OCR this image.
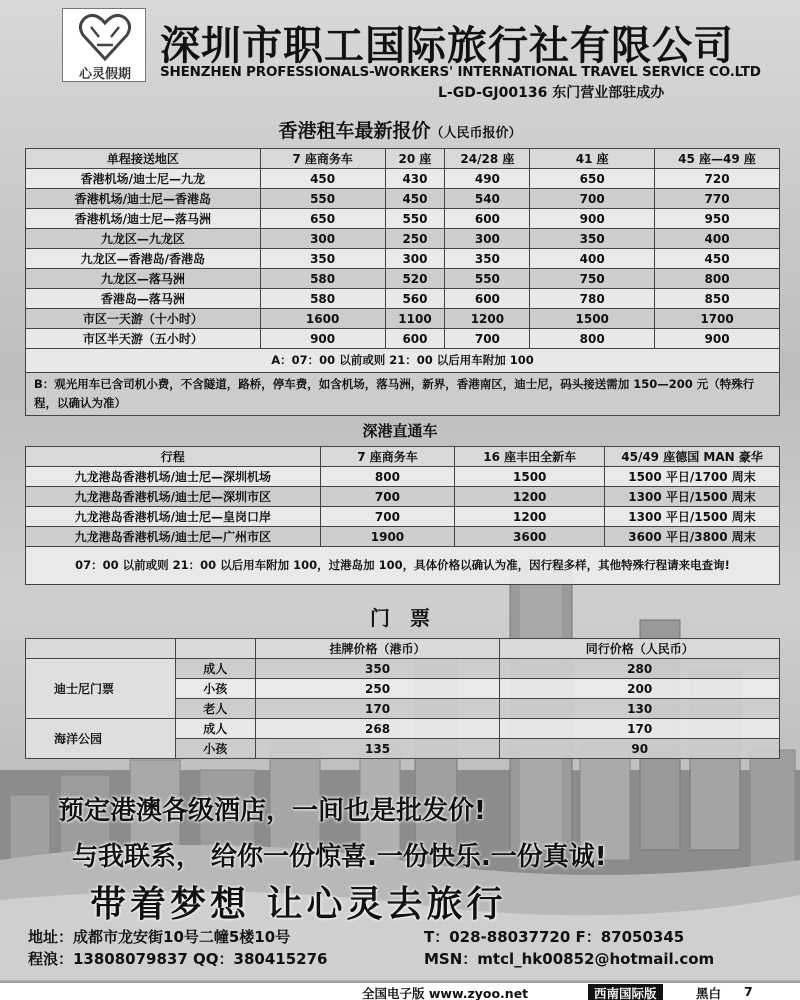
心灵假期
深圳市职工国际旅行社有限公司
SHENZHEN PROFESSIONALS-WORKERS' INTERNATIONAL TRAVEL SERVICE CO.LTD
L-GD-GJ00136 东门营业部驻成办
香港租车最新报价（人民币报价）
单程接送地区	7 座商务车	20 座	24/28 座	41 座	45 座—49 座
香港机场/迪士尼—九龙	450	430	490	650	720
香港机场/迪士尼—香港岛	550	450	540	700	770
香港机场/迪士尼—落马洲	650	550	600	900	950
九龙区—九龙区	300	250	300	350	400
九龙区—香港岛/香港岛	350	300	350	400	450
九龙区—落马洲	580	520	550	750	800
香港岛—落马洲	580	560	600	780	850
市区一天游（十小时）	1600	1100	1200	1500	1700
市区半天游（五小时）	900	600	700	800	900
A：07：00 以前或则 21：00 以后用车附加 100					
B：观光用车已含司机小费，不含隧道，路桥，停车费，如含机场，落马洲，新界，香港南区，迪士尼，码头接送需加 150—200 元（特殊行程，以确认为准）					
深港直通车
行程	7 座商务车	16 座丰田全新车	45/49 座德国 MAN 豪华
九龙港岛香港机场/迪士尼—深圳机场	800	1500	1500 平日/1700 周末
九龙港岛香港机场/迪士尼—深圳市区	700	1200	1300 平日/1500 周末
九龙港岛香港机场/迪士尼—皇岗口岸	700	1200	1300 平日/1500 周末
九龙港岛香港机场/迪士尼—广州市区	1900	3600	3600 平日/3800 周末
07：00 以前或则 21：00 以后用车附加 100，过港岛加 100，具体价格以确认为准，因行程多样，其他特殊行程请来电查询!			
门　票
		挂牌价格（港币）	同行价格（人民币）
迪士尼门票	成人	350	280
	小孩	250	200
	老人	170	130
海洋公园	成人	268	170
	小孩	135	90
预定港澳各级酒店，一间也是批发价!
与我联系， 给你一份惊喜.一份快乐.一份真诚!
带着梦想 让心灵去旅行
地址：成都市龙安街10号二幢5楼10号	T：028-88037720 F：87050345
程浪：13808079837 QQ：380415276	MSN：mtcl_hk00852@hotmail.com
全国电子版 www.zyoo.net	西南国际版	黑白 7
